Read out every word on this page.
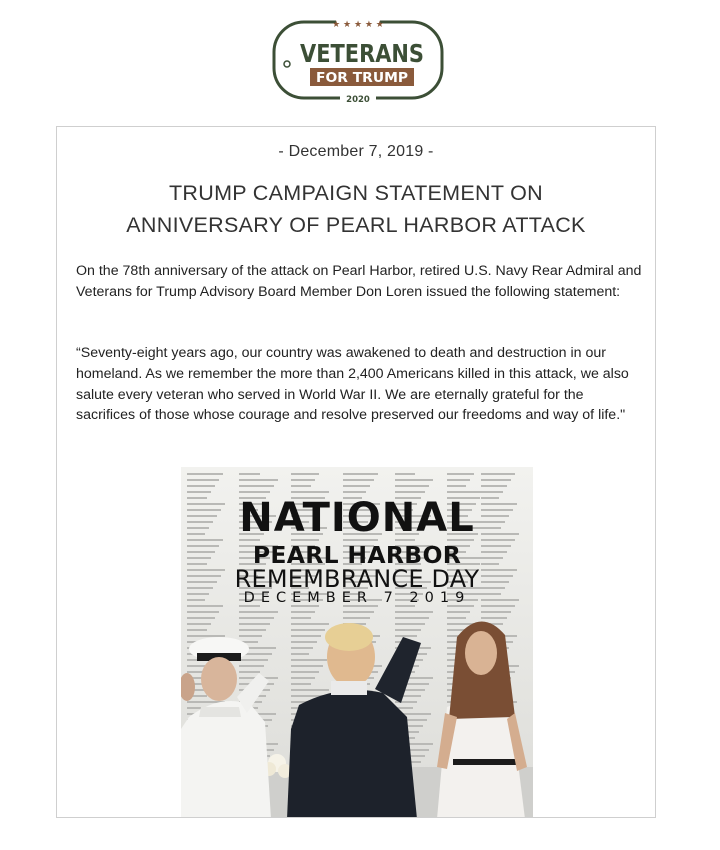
★ ★ ★ ★ ★
2020
VETERANS
FOR TRUMP
- December 7, 2019 -
TRUMP CAMPAIGN STATEMENT ON
ANNIVERSARY OF PEARL HARBOR ATTACK

On the 78th anniversary of the attack on Pearl Harbor, retired U.S. Navy Rear Admiral and Veterans for Trump Advisory Board Member Don Loren issued the following statement:

“Seventy-eight years ago, our country was awakened to death and destruction in our homeland. As we remember the more than 2,400 Americans killed in this attack, we also salute every veteran who served in World War II. We are eternally grateful for the sacrifices of those whose courage and resolve preserved our freedoms and way of life."

NATIONAL

PEARL HARBOR

REMEMBRANCE DAY

DECEMBER 7 2019
